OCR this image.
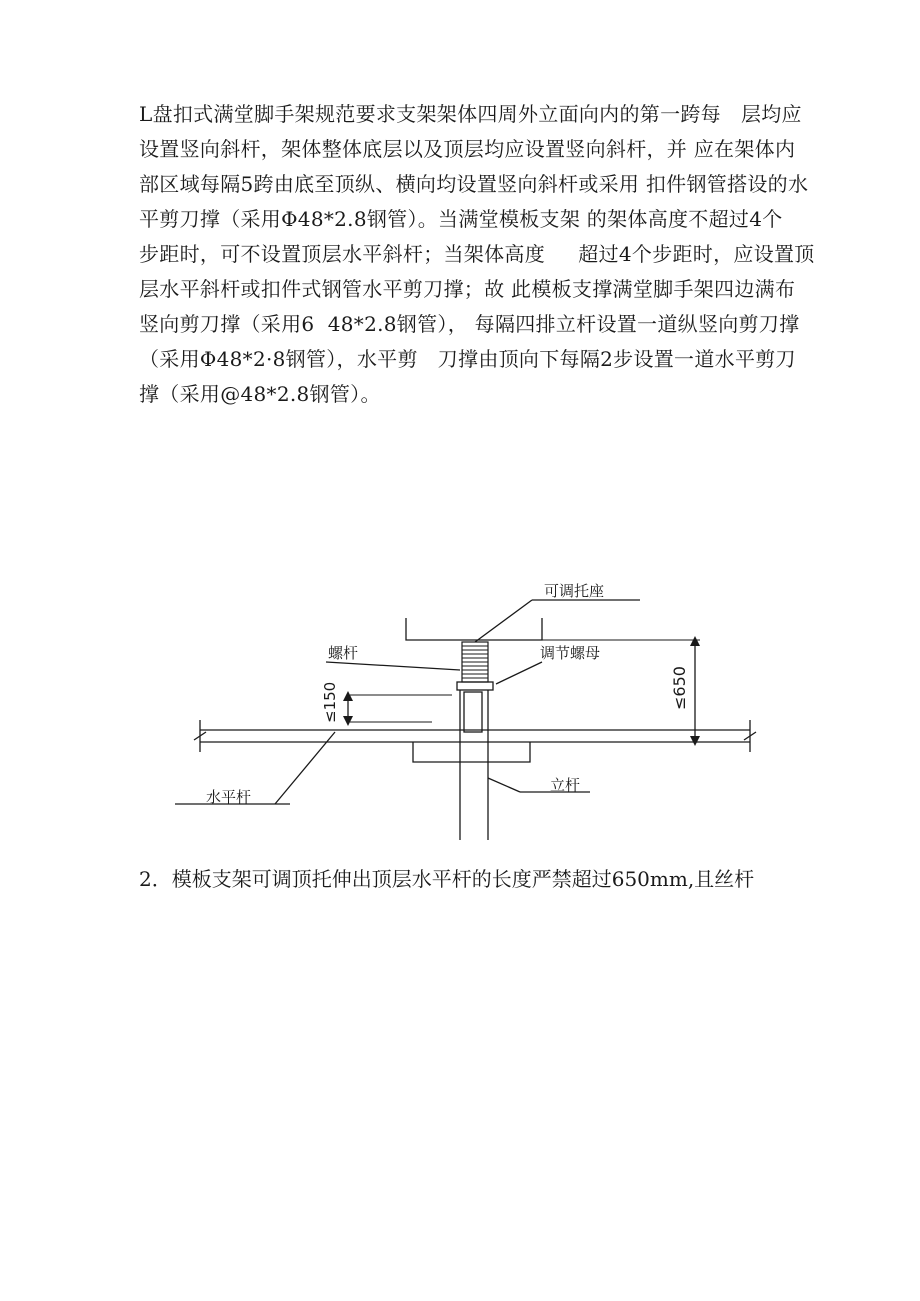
L盘扣式满堂脚手架规范要求支架架体四周外立面向内的第一跨每   层均应
设置竖向斜杆，架体整体底层以及顶层均应设置竖向斜杆，并 应在架体内
部区域每隔5跨由底至顶纵、横向均设置竖向斜杆或采用 扣件钢管搭设的水
平剪刀撑（采用Φ48*2.8钢管）。当满堂模板支架 的架体高度不超过4个
步距时，可不设置顶层水平斜杆；当架体高度     超过4个步距时，应设置顶
层水平斜杆或扣件式钢管水平剪刀撑；故 此模板支撑满堂脚手架四边满布
竖向剪刀撑（采用6  48*2.8钢管）， 每隔四排立杆设置一道纵竖向剪刀撑
（采用Φ48*2·8钢管），水平剪   刀撑由顶向下每隔2步设置一道水平剪刀
撑（采用@48*2.8钢管）。
可调托座
螺杆	调节螺母
水平杆
立杆
≤150	≤650
2．模板支架可调顶托伸出顶层水平杆的长度严禁超过650mm,且丝杆
